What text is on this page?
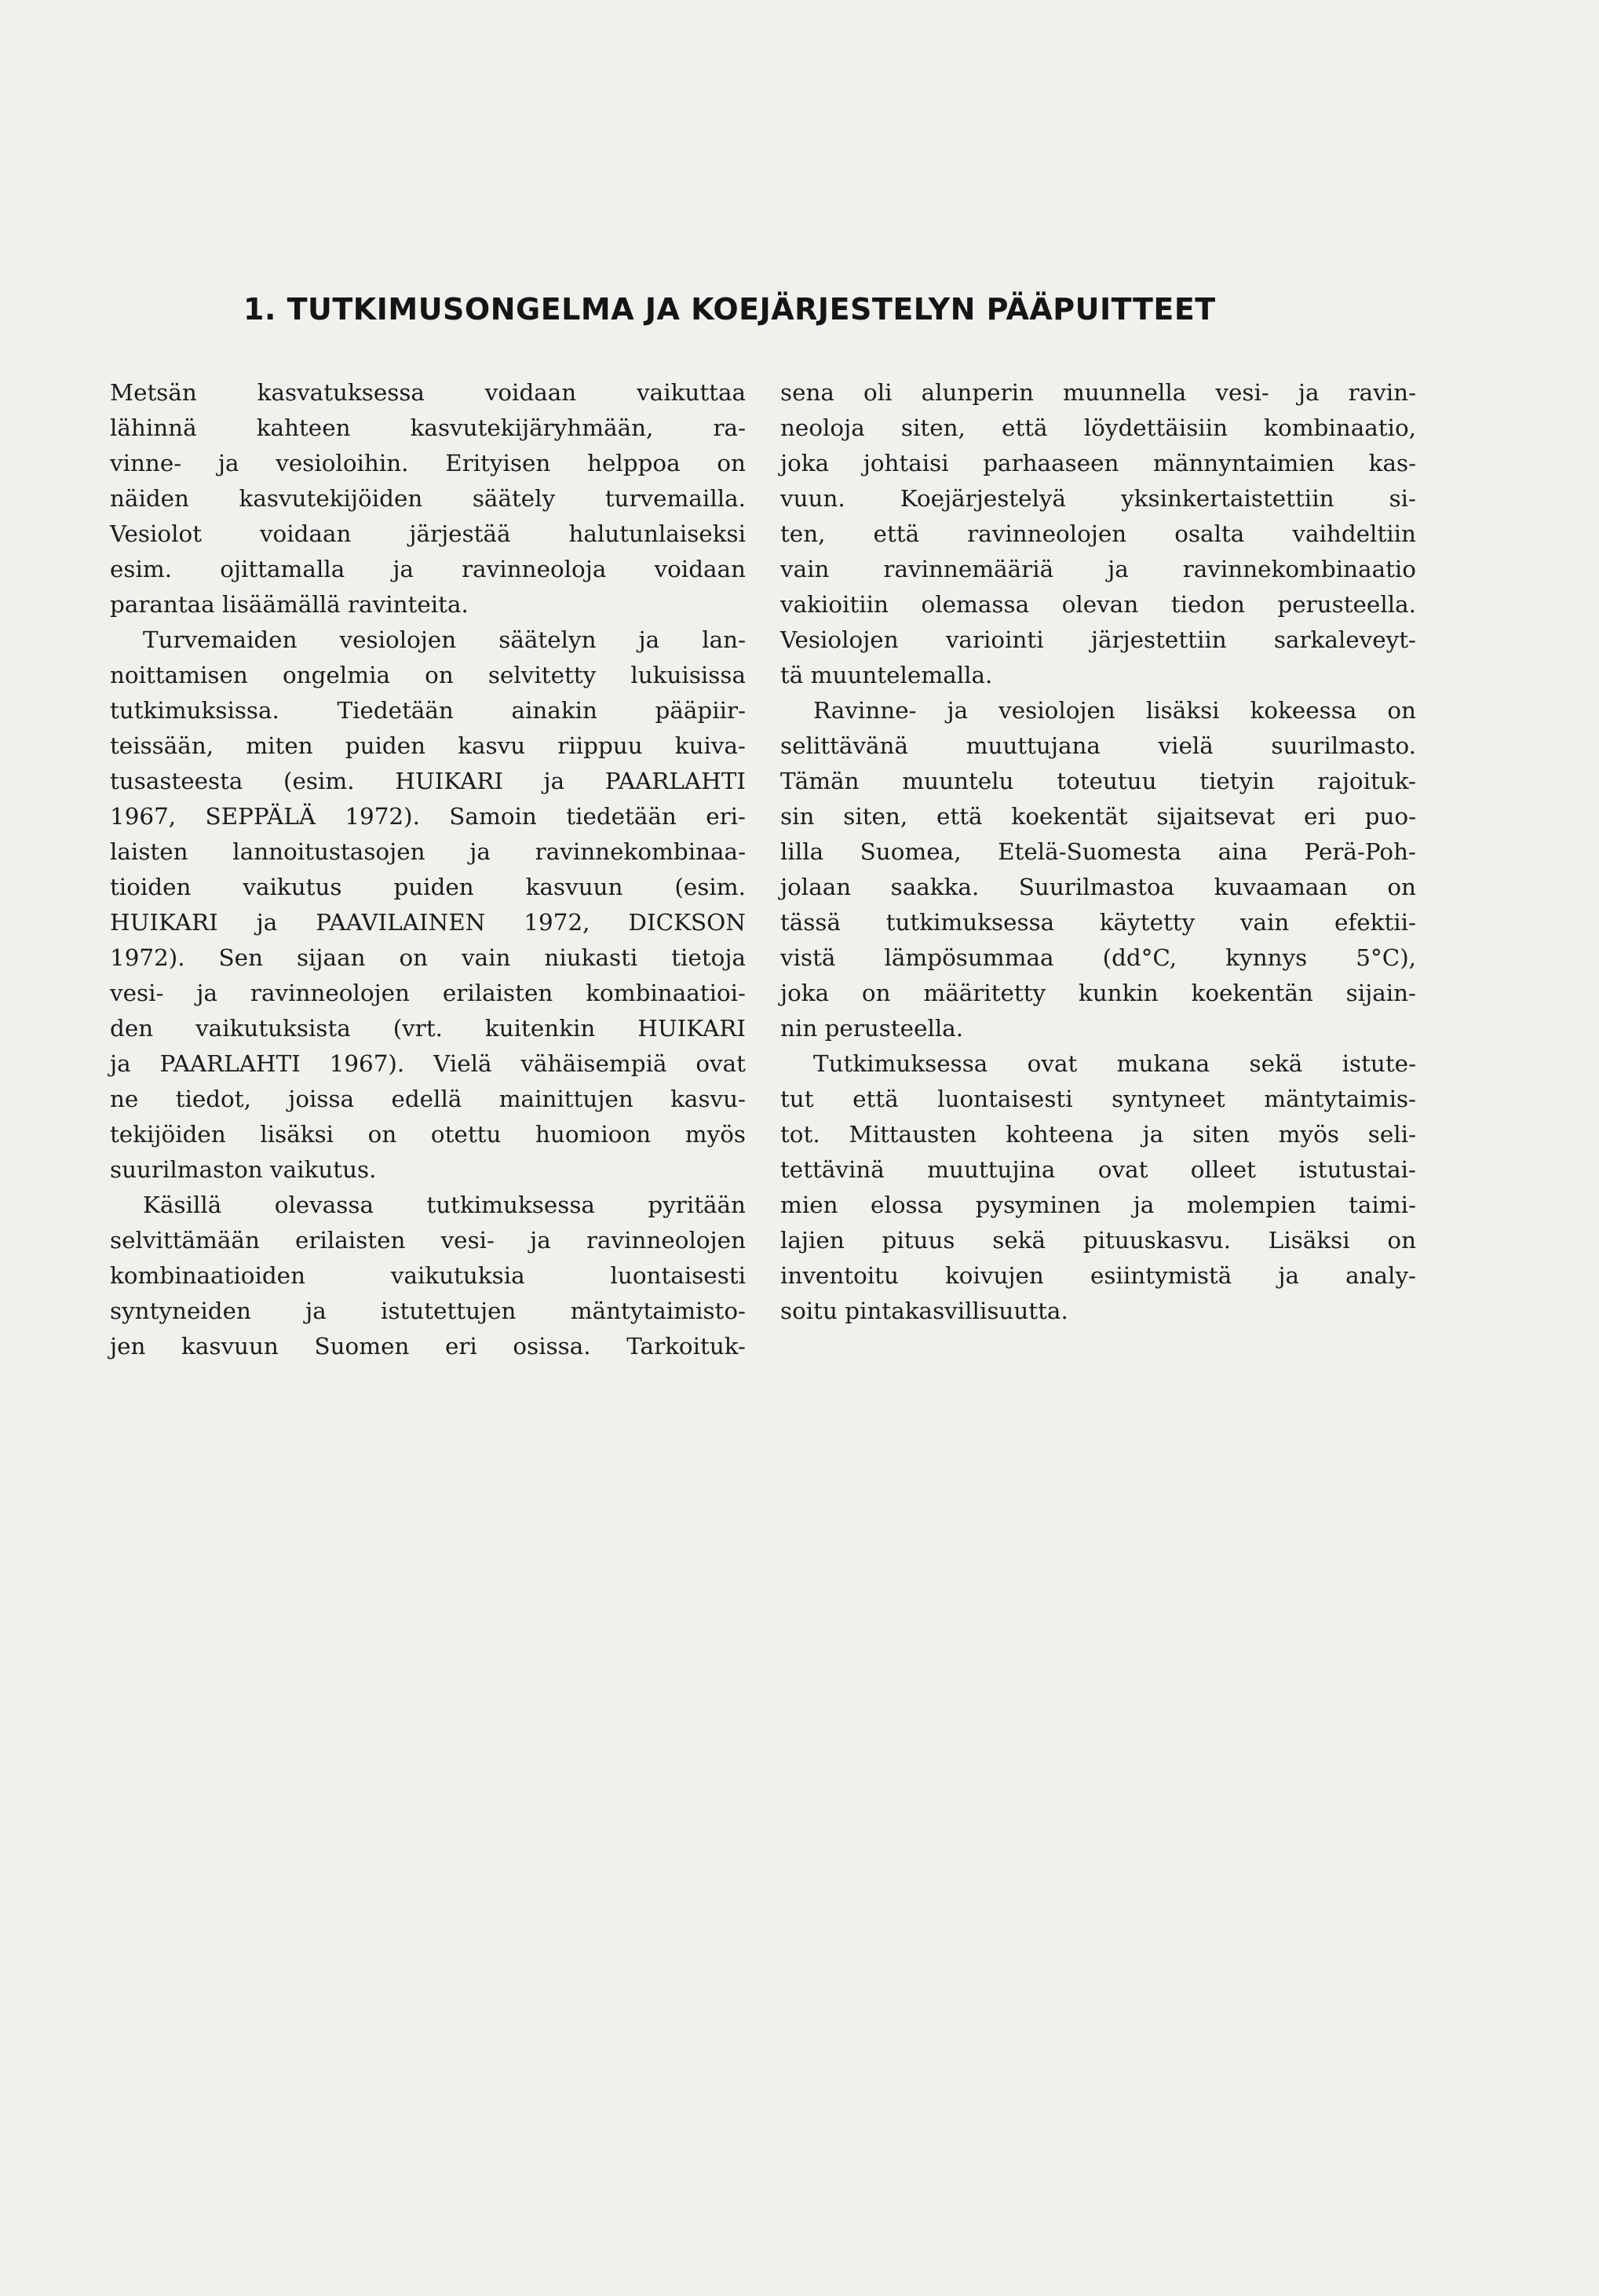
1. TUTKIMUSONGELMA JA KOEJÄRJESTELYN PÄÄPUITTEET
Metsän kasvatuksessa voidaan vaikuttaa
lähinnä kahteen kasvutekijäryhmään, ra-
vinne- ja vesioloihin. Erityisen helppoa on
näiden kasvutekijöiden säätely turvemailla.
Vesiolot voidaan järjestää halutunlaiseksi
esim. ojittamalla ja ravinneoloja voidaan
parantaa lisäämällä ravinteita.
Turvemaiden vesiolojen säätelyn ja lan-
noittamisen ongelmia on selvitetty lukuisissa
tutkimuksissa. Tiedetään ainakin pääpiir-
teissään, miten puiden kasvu riippuu kuiva-
tusasteesta (esim. HUIKARI ja PAARLAHTI
1967, SEPPÄLÄ 1972). Samoin tiedetään eri-
laisten lannoitustasojen ja ravinnekombinaa-
tioiden vaikutus puiden kasvuun (esim.
HUIKARI ja PAAVILAINEN 1972, DICKSON
1972). Sen sijaan on vain niukasti tietoja
vesi- ja ravinneolojen erilaisten kombinaatioi-
den vaikutuksista (vrt. kuitenkin HUIKARI
ja PAARLAHTI 1967). Vielä vähäisempiä ovat
ne tiedot, joissa edellä mainittujen kasvu-
tekijöiden lisäksi on otettu huomioon myös
suurilmaston vaikutus.
Käsillä olevassa tutkimuksessa pyritään
selvittämään erilaisten vesi- ja ravinneolojen
kombinaatioiden vaikutuksia luontaisesti
syntyneiden ja istutettujen mäntytaimisto-
jen kasvuun Suomen eri osissa. Tarkoituk-
sena oli alunperin muunnella vesi- ja ravin-
neoloja siten, että löydettäisiin kombinaatio,
joka johtaisi parhaaseen männyntaimien kas-
vuun. Koejärjestelyä yksinkertaistettiin si-
ten, että ravinneolojen osalta vaihdeltiin
vain ravinnemääriä ja ravinnekombinaatio
vakioitiin olemassa olevan tiedon perusteella.
Vesiolojen variointi järjestettiin sarkaleveyt-
tä muuntelemalla.
Ravinne- ja vesiolojen lisäksi kokeessa on
selittävänä muuttujana vielä suurilmasto.
Tämän muuntelu toteutuu tietyin rajoituk-
sin siten, että koekentät sijaitsevat eri puo-
lilla Suomea, Etelä-Suomesta aina Perä-Poh-
jolaan saakka. Suurilmastoa kuvaamaan on
tässä tutkimuksessa käytetty vain efektii-
vistä lämpösummaa (dd°C, kynnys 5°C),
joka on määritetty kunkin koekentän sijain-
nin perusteella.
Tutkimuksessa ovat mukana sekä istute-
tut että luontaisesti syntyneet mäntytaimis-
tot. Mittausten kohteena ja siten myös seli-
tettävinä muuttujina ovat olleet istutustai-
mien elossa pysyminen ja molempien taimi-
lajien pituus sekä pituuskasvu. Lisäksi on
inventoitu koivujen esiintymistä ja analy-
soitu pintakasvillisuutta.
